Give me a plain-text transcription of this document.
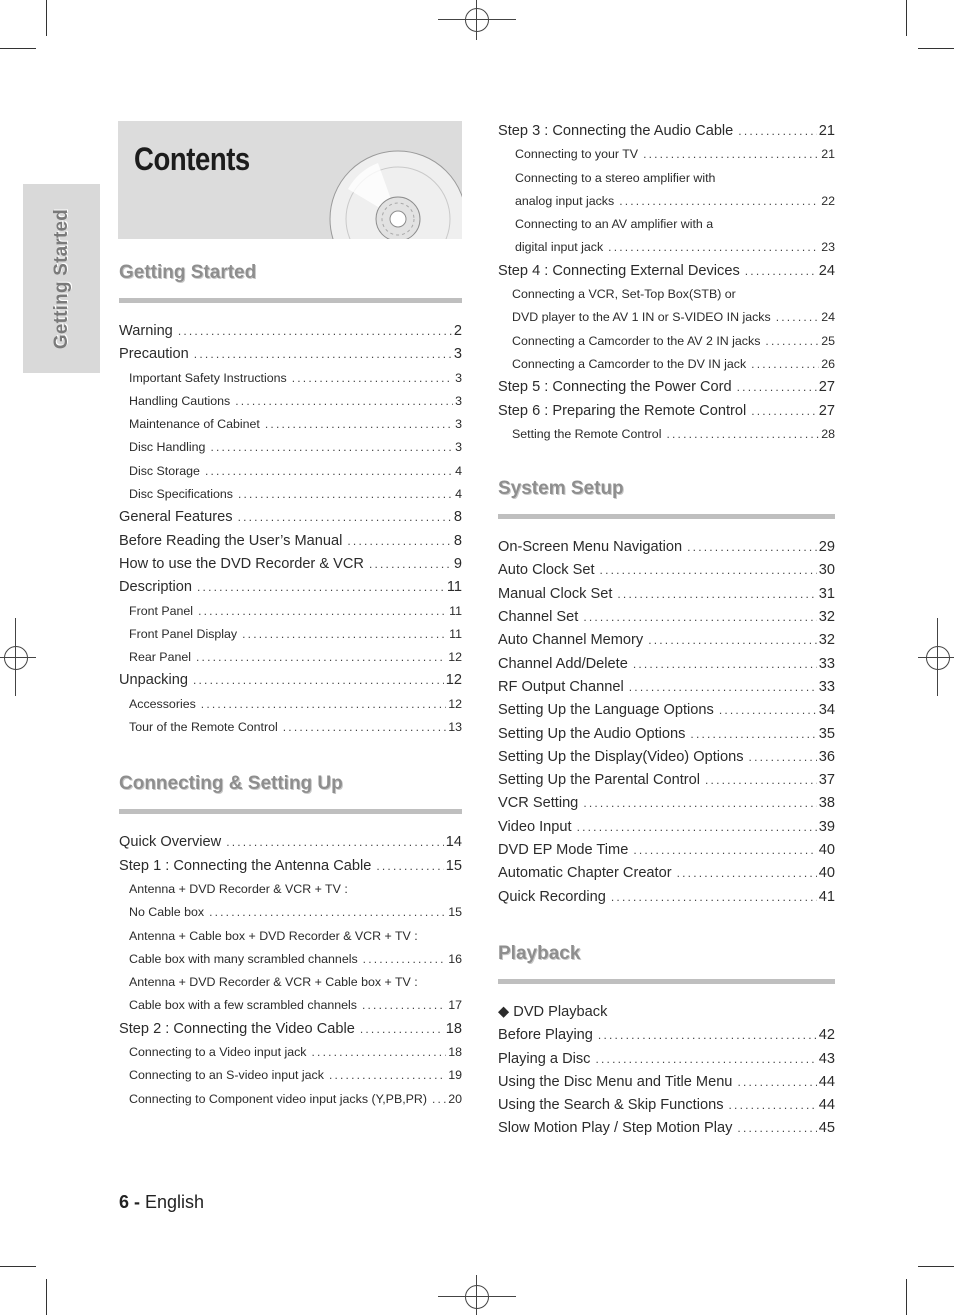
Getting Started
Contents
Getting Started
Warning .....	2
Precaution .....	3
Important Safety Instructions .....	3
Handling Cautions .....	3
Maintenance of Cabinet .....	3
Disc Handling .....	3
Disc Storage .....	4
Disc Specifications .....	4
General Features .....	8
Before Reading the User’s Manual .....	8
How to use the DVD Recorder & VCR .....	9
Description .....	11
Front Panel .....	11
Front Panel Display .....	11
Rear Panel .....	12
Unpacking .....	12
Accessories .....	12
Tour of the Remote Control .....	13
Connecting & Setting Up
Quick Overview .....	14
Step 1 : Connecting the Antenna Cable .....	15
Antenna + DVD Recorder & VCR + TV :
No Cable box .....	15
Antenna + Cable box + DVD Recorder & VCR + TV :
Cable box with many scrambled channels .....	16
Antenna + DVD Recorder & VCR + Cable box + TV :
Cable box with a few scrambled channels .....	17
Step 2 : Connecting the Video Cable .....	18
Connecting to a Video input jack .....	18
Connecting to an S-video input jack .....	19
Connecting to Component video input jacks (Y,PB,PR) ..... 20
Step 3 : Connecting the Audio Cable .....	21
Connecting to your TV .....	21
Connecting to a stereo amplifier with
analog input jacks .....	22
Connecting to an AV amplifier with a
digital input jack .....	23
Step 4 : Connecting External Devices .....	24
Connecting a VCR, Set-Top Box(STB) or
DVD player to the AV 1 IN or S-VIDEO IN jacks .....	24
Connecting a Camcorder to the AV 2 IN jacks .....	25
Connecting a Camcorder to the DV IN jack .....	26
Step 5 : Connecting the Power Cord .....	27
Step 6 : Preparing the Remote Control .....	27
Setting the Remote Control .....	28
System Setup
On-Screen Menu Navigation .....	29
Auto Clock Set .....	30
Manual Clock Set .....	31
Channel Set .....	32
Auto Channel Memory .....	32
Channel Add/Delete .....	33
RF Output Channel .....	33
Setting Up the Language Options .....	34
Setting Up the Audio Options .....	35
Setting Up the Display(Video) Options .....	36
Setting Up the Parental Control .....	37
VCR Setting .....	38
Video Input .....	39
DVD EP Mode Time .....	40
Automatic Chapter Creator .....	40
Quick Recording .....	41
Playback
◆ DVD Playback
Before Playing .....	42
Playing a Disc .....	43
Using the Disc Menu and Title Menu .....	44
Using the Search & Skip Functions .....	44
Slow Motion Play / Step Motion Play .....	45
6 - English
